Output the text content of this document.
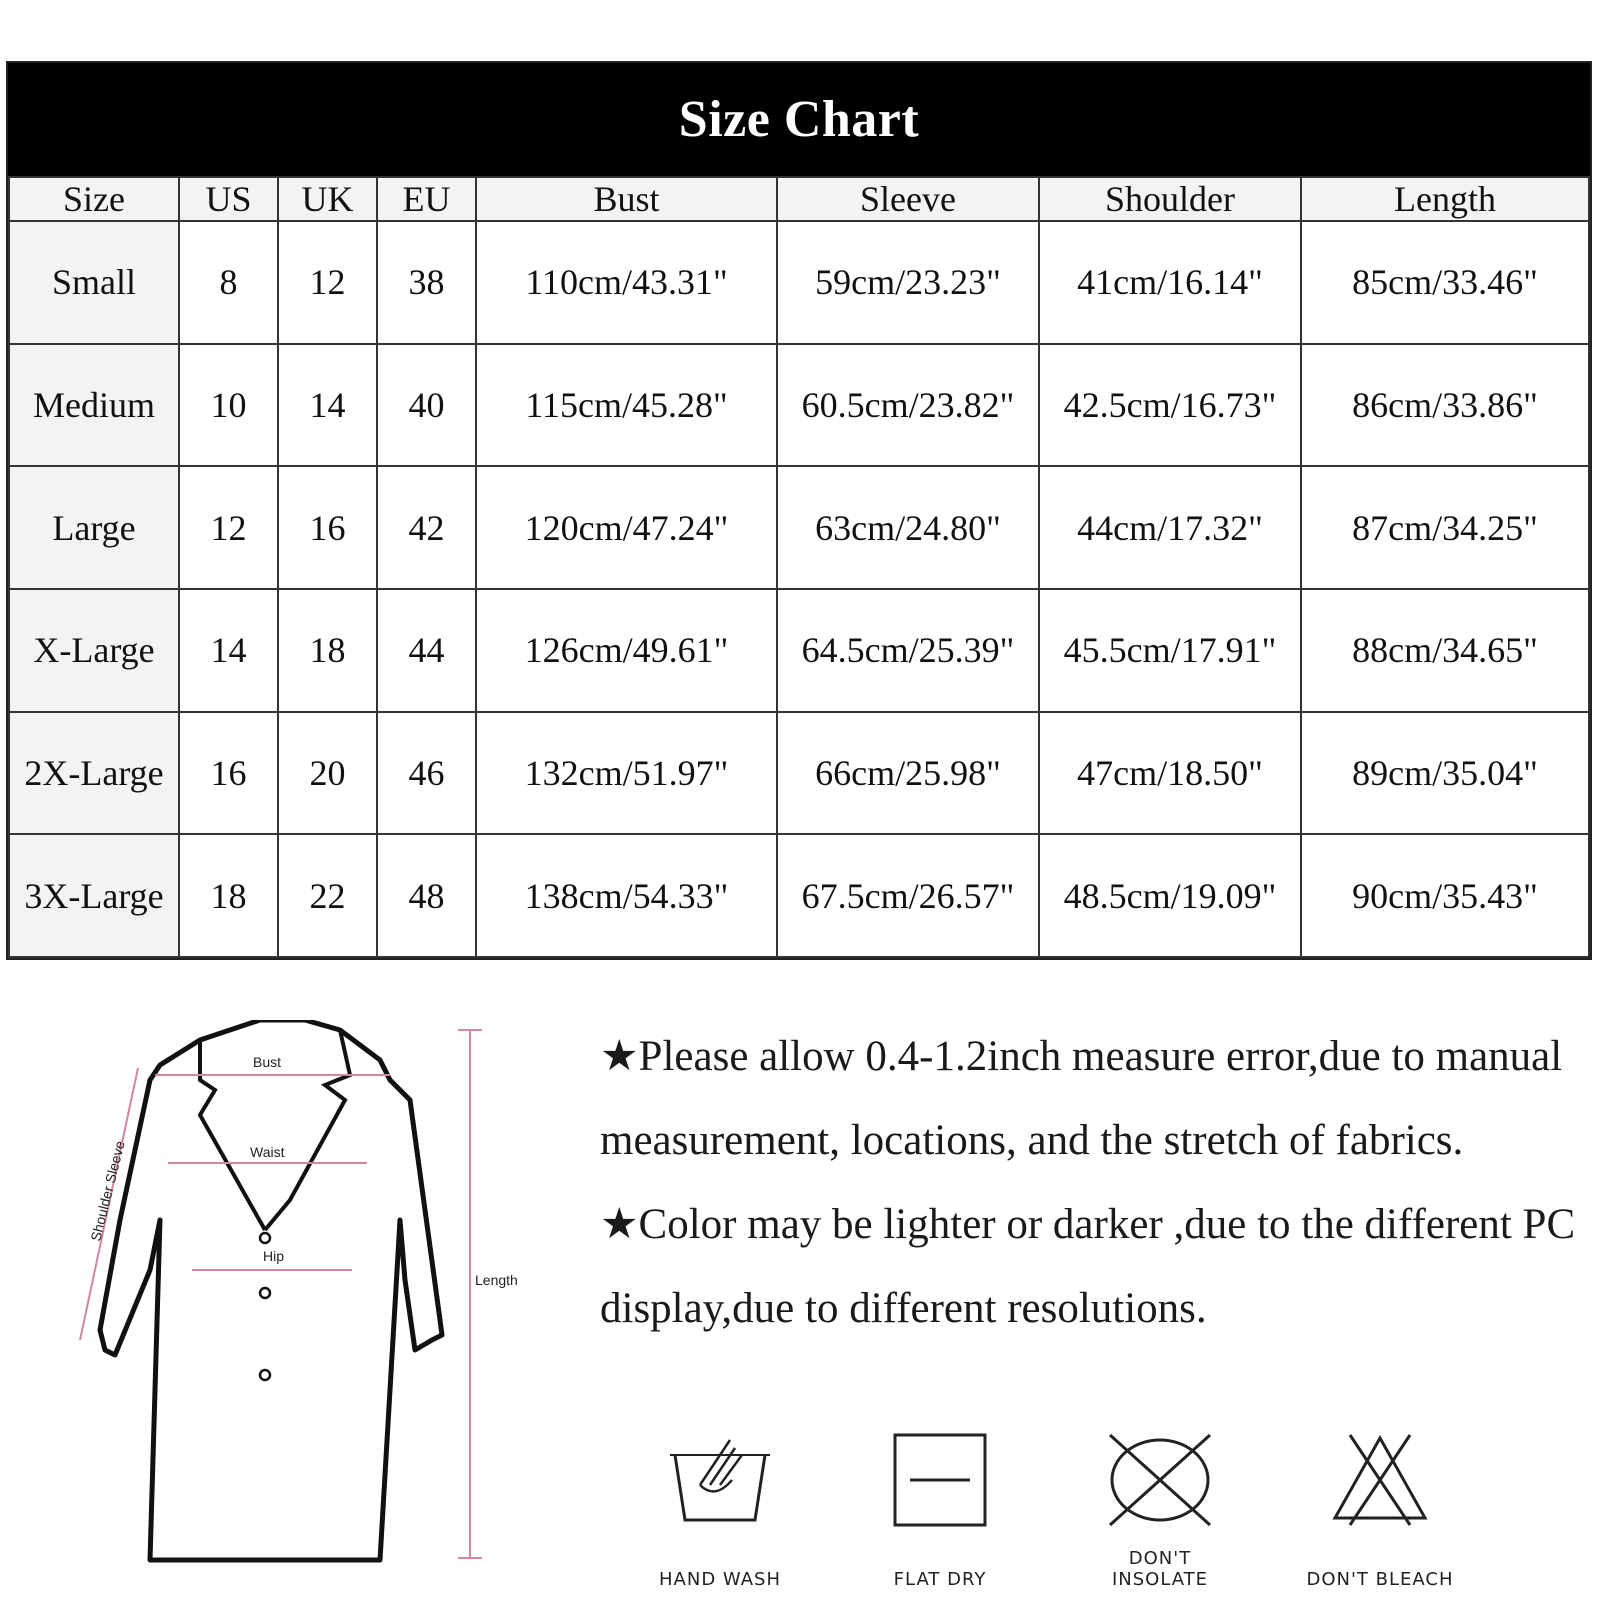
Size Chart
Size	US	UK	EU	Bust	Sleeve	Shoulder	Length
Small	8	12	38	110cm/43.31"	59cm/23.23"	41cm/16.14"	85cm/33.46"
Medium	10	14	40	115cm/45.28"	60.5cm/23.82"	42.5cm/16.73"	86cm/33.86"
Large	12	16	42	120cm/47.24"	63cm/24.80"	44cm/17.32"	87cm/34.25"
X-Large	14	18	44	126cm/49.61"	64.5cm/25.39"	45.5cm/17.91"	88cm/34.65"
2X-Large	16	20	46	132cm/51.97"	66cm/25.98"	47cm/18.50"	89cm/35.04"
3X-Large	18	22	48	138cm/54.33"	67.5cm/26.57"	48.5cm/19.09"	90cm/35.43"
Bust
Waist
Hip
Length
Shoulder Sleeve

★Please allow 0.4-1.2inch measure error,due to manual measurement, locations, and the stretch of fabrics.

★Color may be lighter or darker ,due to the different PC display,due to different resolutions.

HAND WASH	FLAT DRY
DON'T INSOLATE	DON'T BLEACH
